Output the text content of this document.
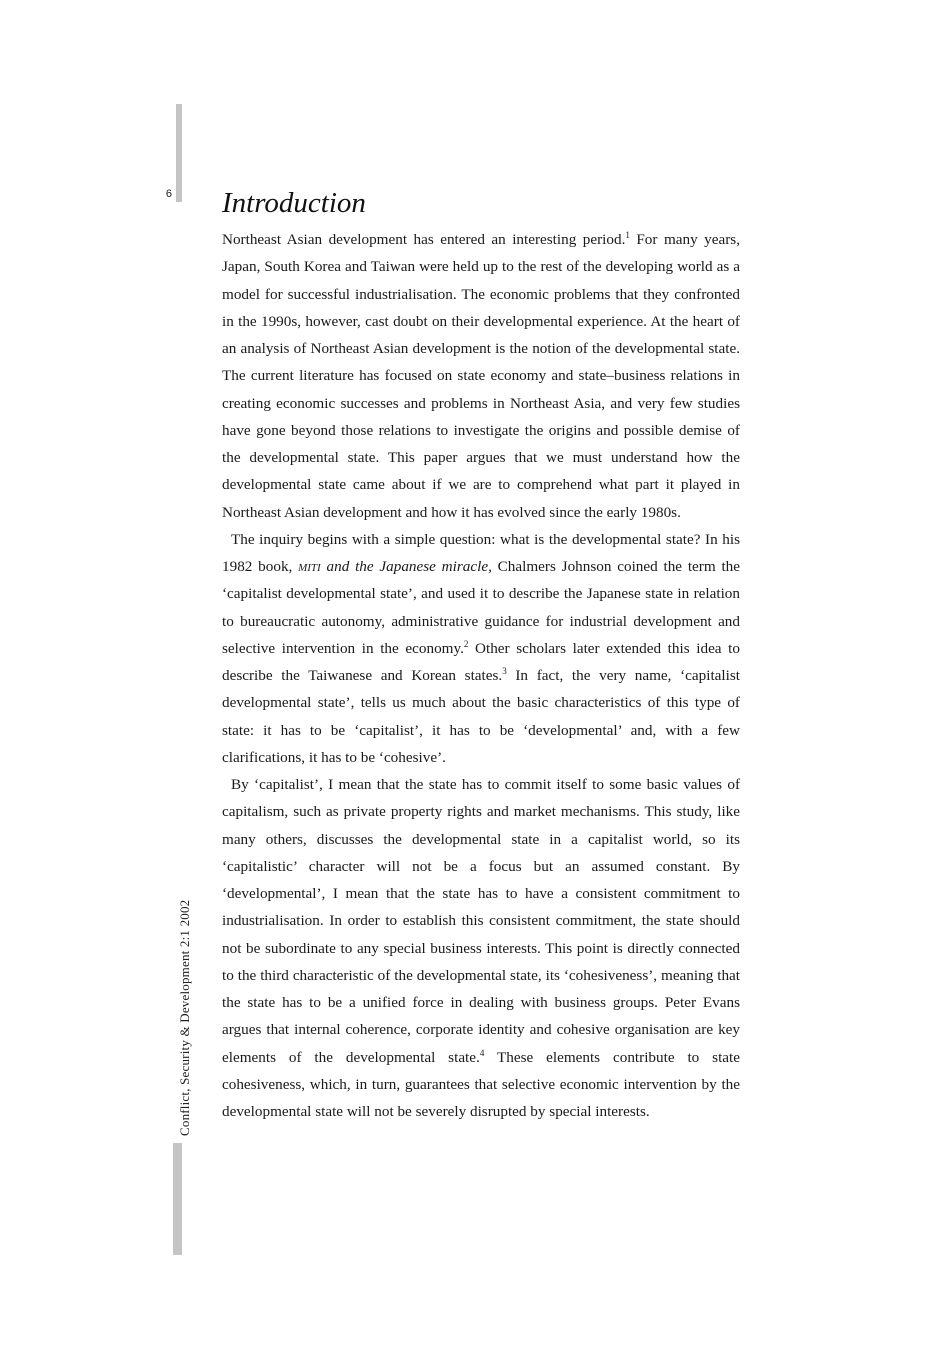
6
Conflict, Security & Development 2:1 2002
Introduction

Northeast Asian development has entered an interesting period.$^1$ For many years, Japan, South Korea and Taiwan were held up to the rest of the developing world as a model for successful industrialisation. The economic problems that they confronted in the 1990s, however, cast doubt on their developmental experience. At the heart of an analysis of Northeast Asian development is the notion of the developmental state. The current literature has focused on state economy and state–business relations in creating economic successes and problems in Northeast Asia, and very few studies have gone beyond those relations to investigate the origins and possible demise of the developmental state. This paper argues that we must understand how the developmental state came about if we are to comprehend what part it played in Northeast Asian development and how it has evolved since the early 1980s.

The inquiry begins with a simple question: what is the developmental state? In his 1982 book, miti and the Japanese miracle, Chalmers Johnson coined the term the ‘capitalist developmental state’, and used it to describe the Japanese state in relation to bureaucratic autonomy, administrative guidance for industrial development and selective intervention in the economy.$^2$ Other scholars later extended this idea to describe the Taiwanese and Korean states.$^3$ In fact, the very name, ‘capitalist developmental state’, tells us much about the basic characteristics of this type of state: it has to be ‘capitalist’, it has to be ‘developmental’ and, with a few clarifications, it has to be ‘cohesive’.

By ‘capitalist’, I mean that the state has to commit itself to some basic values of capitalism, such as private property rights and market mechanisms. This study, like many others, discusses the developmental state in a capitalist world, so its ‘capitalistic’ character will not be a focus but an assumed constant. By ‘developmental’, I mean that the state has to have a consistent commitment to industrialisation. In order to establish this consistent commitment, the state should not be subordinate to any special business interests. This point is directly connected to the third characteristic of the developmental state, its ‘cohesiveness’, meaning that the state has to be a unified force in dealing with business groups. Peter Evans argues that internal coherence, corporate identity and cohesive organisation are key elements of the developmental state.$^4$ These elements contribute to state cohesiveness, which, in turn, guarantees that selective economic intervention by the developmental state will not be severely disrupted by special interests.
